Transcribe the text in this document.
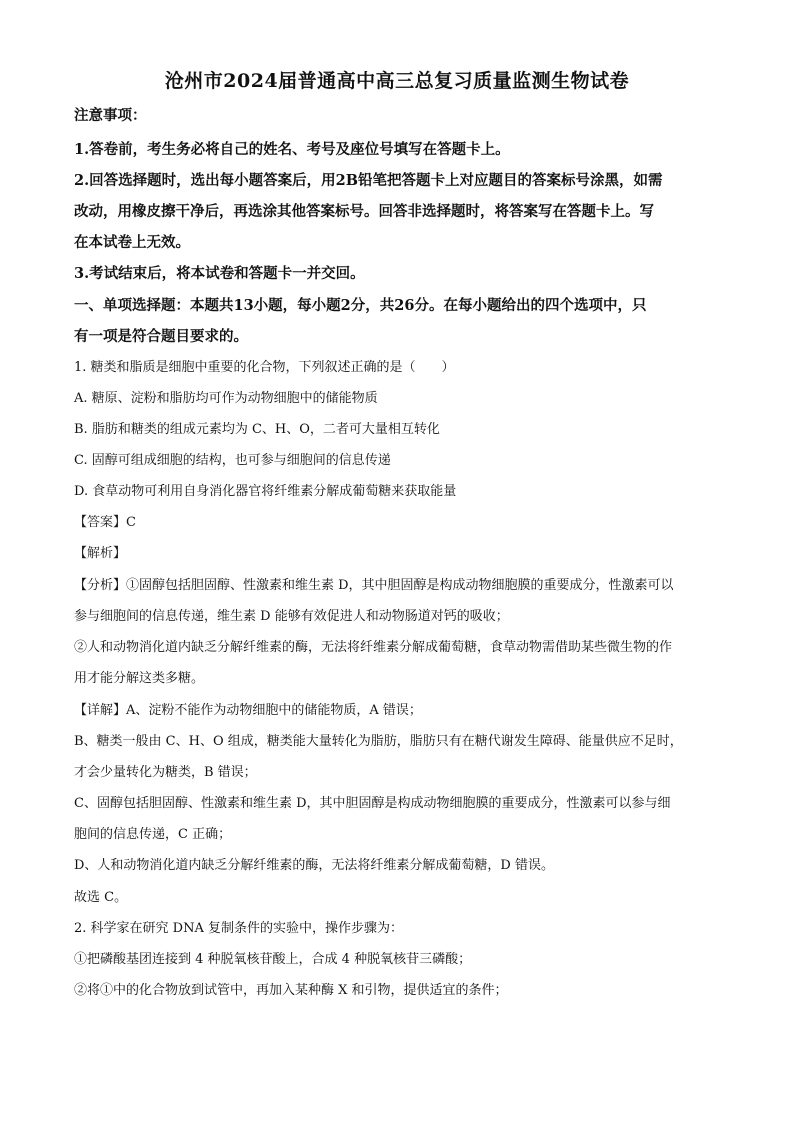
沧州市2024届普通高中高三总复习质量监测生物试卷
注意事项：
1.答卷前，考生务必将自己的姓名、考号及座位号填写在答题卡上。
2.回答选择题时，选出每小题答案后，用2B铅笔把答题卡上对应题目的答案标号涂黑，如需
改动，用橡皮擦干净后，再选涂其他答案标号。回答非选择题时，将答案写在答题卡上。写
在本试卷上无效。
3.考试结束后，将本试卷和答题卡一并交回。
一、单项选择题：本题共13小题，每小题2分，共26分。在每小题给出的四个选项中，只
有一项是符合题目要求的。
1. 糖类和脂质是细胞中重要的化合物，下列叙述正确的是（　　）
A. 糖原、淀粉和脂肪均可作为动物细胞中的储能物质
B. 脂肪和糖类的组成元素均为 C、H、O，二者可大量相互转化
C. 固醇可组成细胞的结构，也可参与细胞间的信息传递
D. 食草动物可利用自身消化器官将纤维素分解成葡萄糖来获取能量
【答案】C
【解析】
【分析】①固醇包括胆固醇、性激素和维生素 D，其中胆固醇是构成动物细胞膜的重要成分，性激素可以
参与细胞间的信息传递，维生素 D 能够有效促进人和动物肠道对钙的吸收；
②人和动物消化道内缺乏分解纤维素的酶，无法将纤维素分解成葡萄糖，食草动物需借助某些微生物的作
用才能分解这类多糖。
【详解】A、淀粉不能作为动物细胞中的储能物质，A 错误；
B、糖类一般由 C、H、O 组成，糖类能大量转化为脂肪，脂肪只有在糖代谢发生障碍、能量供应不足时，
才会少量转化为糖类，B 错误；
C、固醇包括胆固醇、性激素和维生素 D，其中胆固醇是构成动物细胞膜的重要成分，性激素可以参与细
胞间的信息传递，C 正确；
D、人和动物消化道内缺乏分解纤维素的酶，无法将纤维素分解成葡萄糖，D 错误。
故选 C。
2. 科学家在研究 DNA 复制条件的实验中，操作步骤为：
①把磷酸基团连接到 4 种脱氧核苷酸上，合成 4 种脱氧核苷三磷酸；
②将①中的化合物放到试管中，再加入某种酶 X 和引物，提供适宜的条件；
